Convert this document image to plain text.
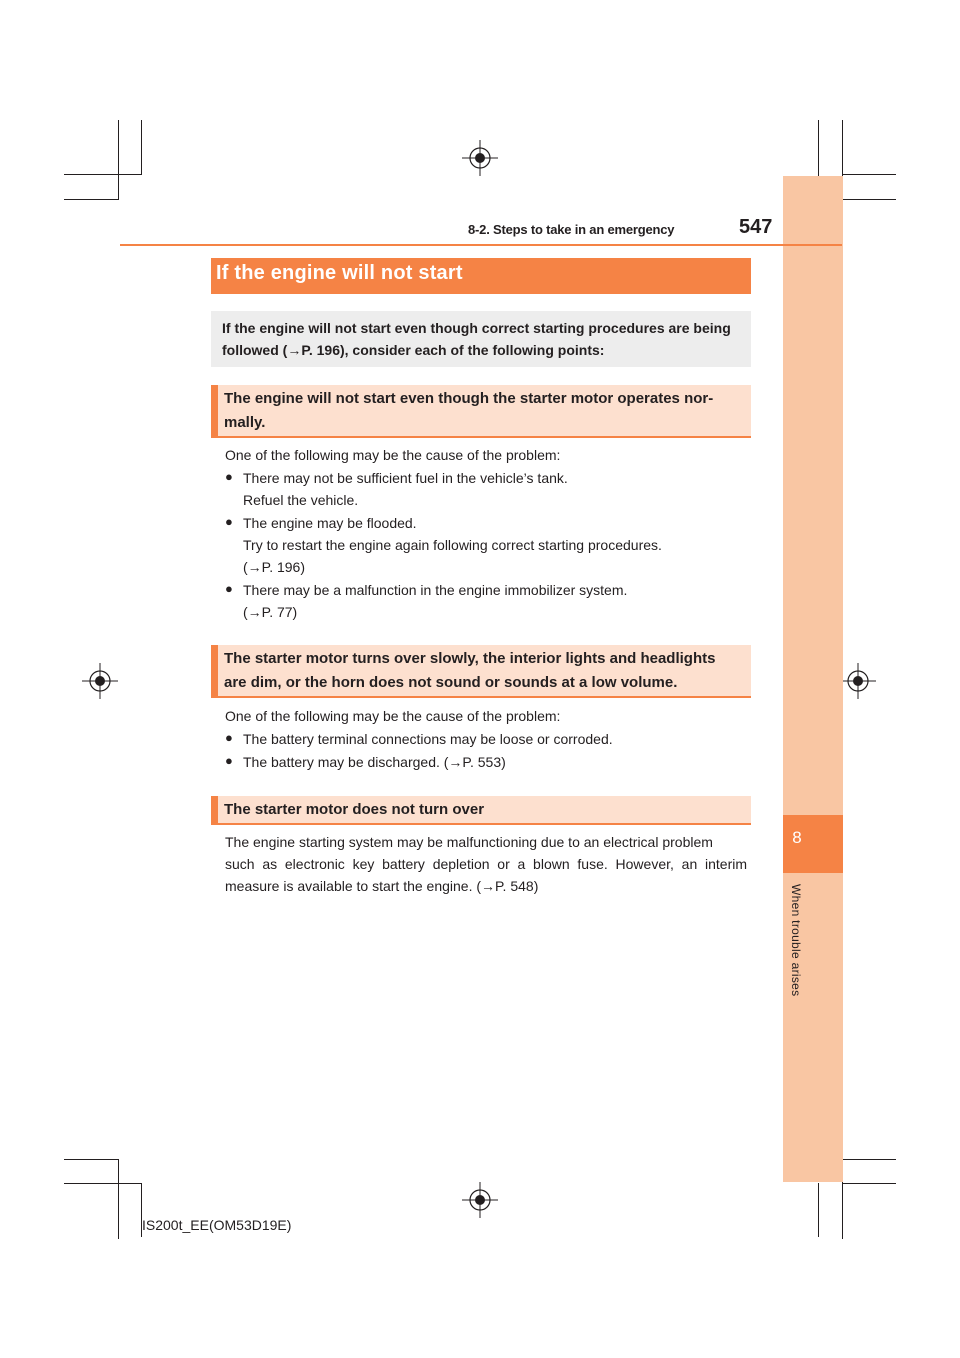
8
When trouble arises
8-2. Steps to take in an emergency	547
If the engine will not start
If the engine will not start even though correct starting procedures are being
followed (→P. 196), consider each of the following points:
The engine will not start even though the starter motor operates nor-
mally.
One of the following may be the cause of the problem:
● There may not be sufficient fuel in the vehicle’s tank.
Refuel the vehicle.
● The engine may be flooded.
Try to restart the engine again following correct starting procedures.
(→P. 196)
● There may be a malfunction in the engine immobilizer system.
(→P. 77)
The starter motor turns over slowly, the interior lights and headlights
are dim, or the horn does not sound or sounds at a low volume.
One of the following may be the cause of the problem:
● The battery terminal connections may be loose or corroded.
● The battery may be discharged. (→P. 553)
The starter motor does not turn over
The engine starting system may be malfunctioning due to an electrical problem
such as electronic key battery depletion or a blown fuse. However, an interim
measure is available to start the engine. (→P. 548)
IS200t_EE(OM53D19E)
